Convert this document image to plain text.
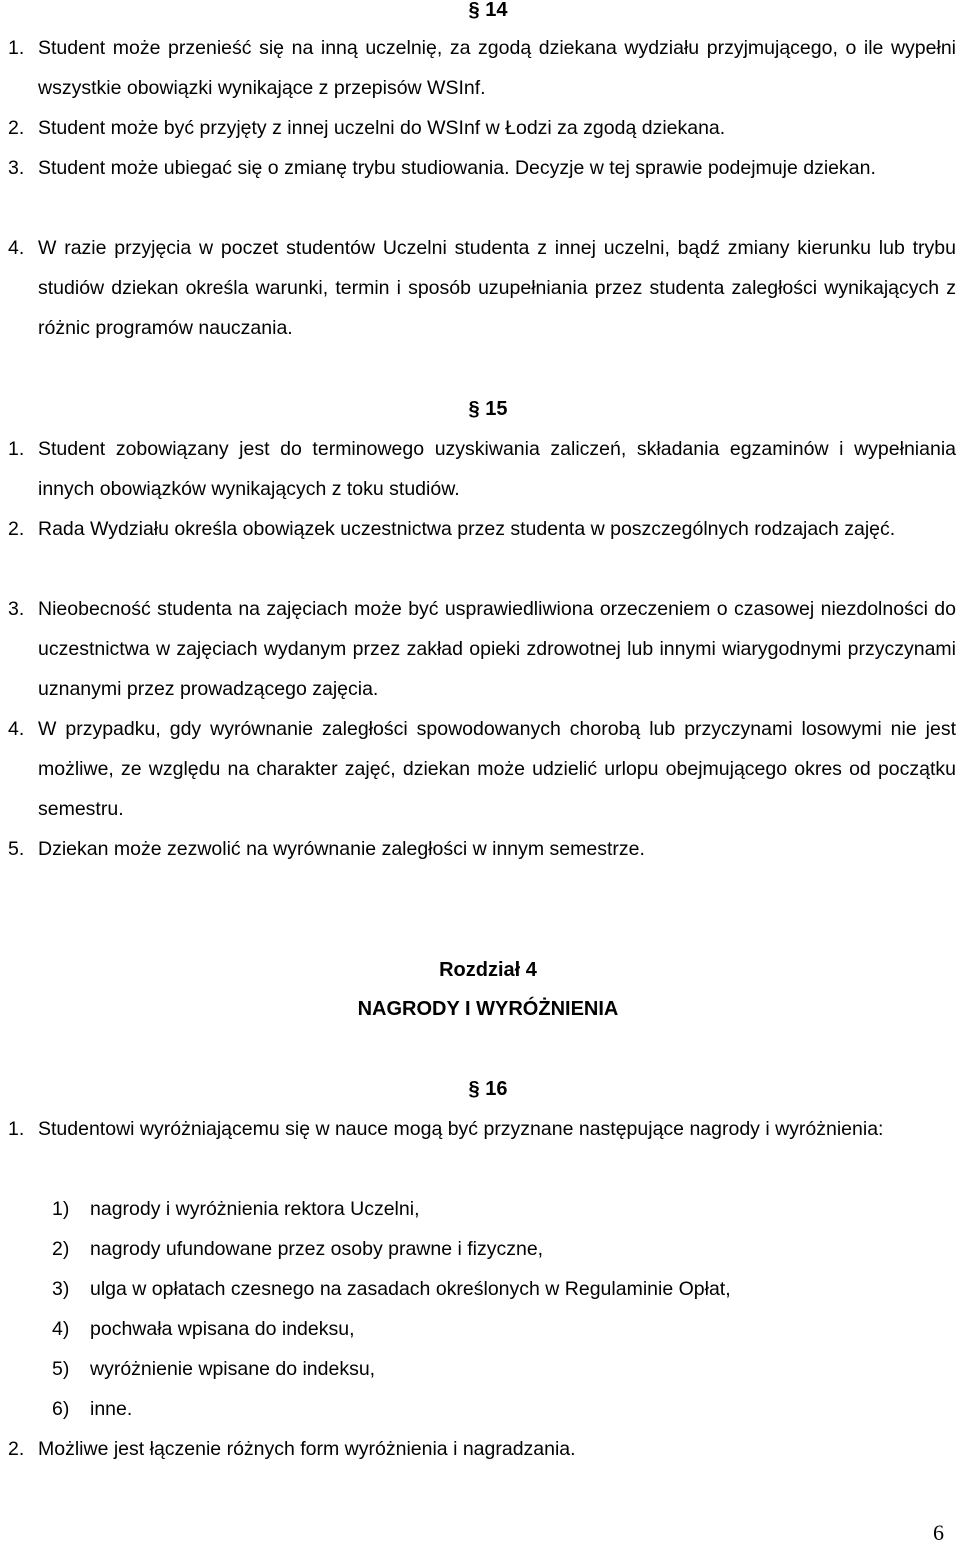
§ 14
1. Student może przenieść się na inną uczelnię, za zgodą dziekana wydziału przyjmującego, o ile wypełni wszystkie obowiązki wynikające z przepisów WSInf.
2. Student może być przyjęty z innej uczelni do WSInf w Łodzi za zgodą dziekana.
3. Student może ubiegać się o zmianę trybu studiowania. Decyzje w tej sprawie podejmuje dziekan.
4. W razie przyjęcia w poczet studentów Uczelni studenta z innej uczelni, bądź zmiany kierunku lub trybu studiów dziekan określa warunki, termin i sposób uzupełniania przez studenta zaległości wynikających z różnic programów nauczania.
§ 15
1. Student zobowiązany jest do terminowego uzyskiwania zaliczeń, składania egzaminów i wypełniania innych obowiązków wynikających z toku studiów.
2. Rada Wydziału określa obowiązek uczestnictwa przez studenta w poszczególnych rodzajach zajęć.
3. Nieobecność studenta na zajęciach może być usprawiedliwiona orzeczeniem o czasowej niezdolności do uczestnictwa w zajęciach wydanym przez zakład opieki zdrowotnej lub innymi wiarygodnymi przyczynami uznanymi przez prowadzącego zajęcia.
4. W przypadku, gdy wyrównanie zaległości spowodowanych chorobą lub przyczynami losowymi nie jest możliwe, ze względu na charakter zajęć, dziekan może udzielić urlopu obejmującego okres od początku semestru.
5. Dziekan może zezwolić na wyrównanie zaległości w innym semestrze.
Rozdział 4
NAGRODY I WYRÓŻNIENIA
§ 16
1. Studentowi wyróżniającemu się w nauce mogą być przyznane następujące nagrody i wyróżnienia:
1) nagrody i wyróżnienia rektora Uczelni,
2) nagrody ufundowane przez osoby prawne i fizyczne,
3) ulga w opłatach czesnego na zasadach określonych w Regulaminie Opłat,
4) pochwała wpisana do indeksu,
5) wyróżnienie wpisane do indeksu,
6) inne.
2. Możliwe jest łączenie różnych form wyróżnienia i nagradzania.
6
